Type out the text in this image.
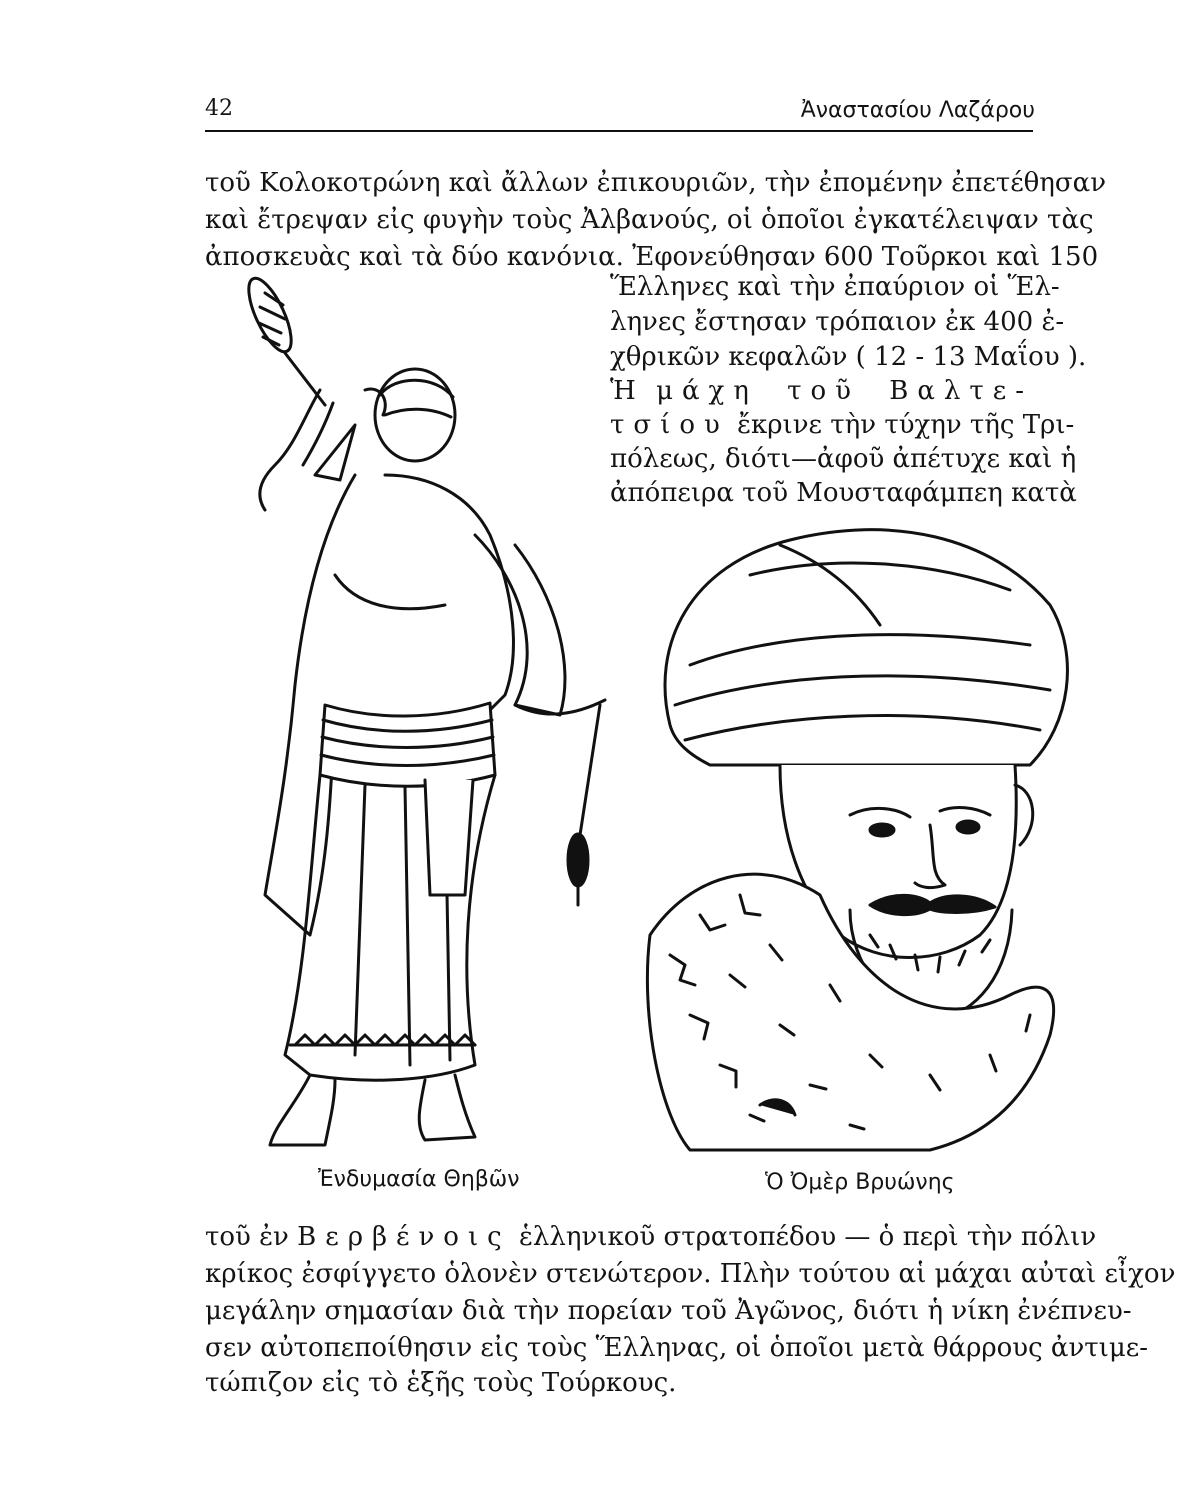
42	Ἀναστασίου Λαζάρου
τοῦ Κολοκοτρώνη καὶ ἄλλων ἐπικουριῶν, τὴν ἐπομένην ἐπετέθησαν
καὶ ἔτρεψαν εἰς φυγὴν τοὺς Ἀλβανούς, οἱ ὁποῖοι ἐγκατέλειψαν τὰς
ἀποσκευὰς καὶ τὰ δύο κανόνια. Ἐφονεύθησαν 600 Τοῦρκοι καὶ 150
Ἕλληνες καὶ τὴν ἐπαύριον οἱ Ἕλ-
ληνες ἔστησαν τρόπαιον ἐκ 400 ἐ-
χθρικῶν κεφαλῶν ( 12 - 13 Μαΐου ).
Ἡ μάχη τοῦ Βαλτε-
τσίου ἔκρινε τὴν τύχην τῆς Τρι-
πόλεως, διότι—ἀφοῦ ἀπέτυχε καὶ ἡ
ἀπόπειρα τοῦ Μουσταφάμπεη κατὰ
Ἐνδυμασία Θηβῶν	Ὁ Ὀμὲρ Βρυώνης
τοῦ ἐν Βερβένοις ἑλληνικοῦ στρατοπέδου — ὁ περὶ τὴν πόλιν
κρίκος ἐσφίγγετο ὁλονὲν στενώτερον. Πλὴν τούτου αἱ μάχαι αὐταὶ εἶχον
μεγάλην σημασίαν διὰ τὴν πορείαν τοῦ Ἀγῶνος, διότι ἡ νίκη ἐνέπνευ-
σεν αὐτοπεποίθησιν εἰς τοὺς Ἕλληνας, οἱ ὁποῖοι μετὰ θάρρους ἀντιμε-
τώπιζον εἰς τὸ ἑξῆς τοὺς Τούρκους.
